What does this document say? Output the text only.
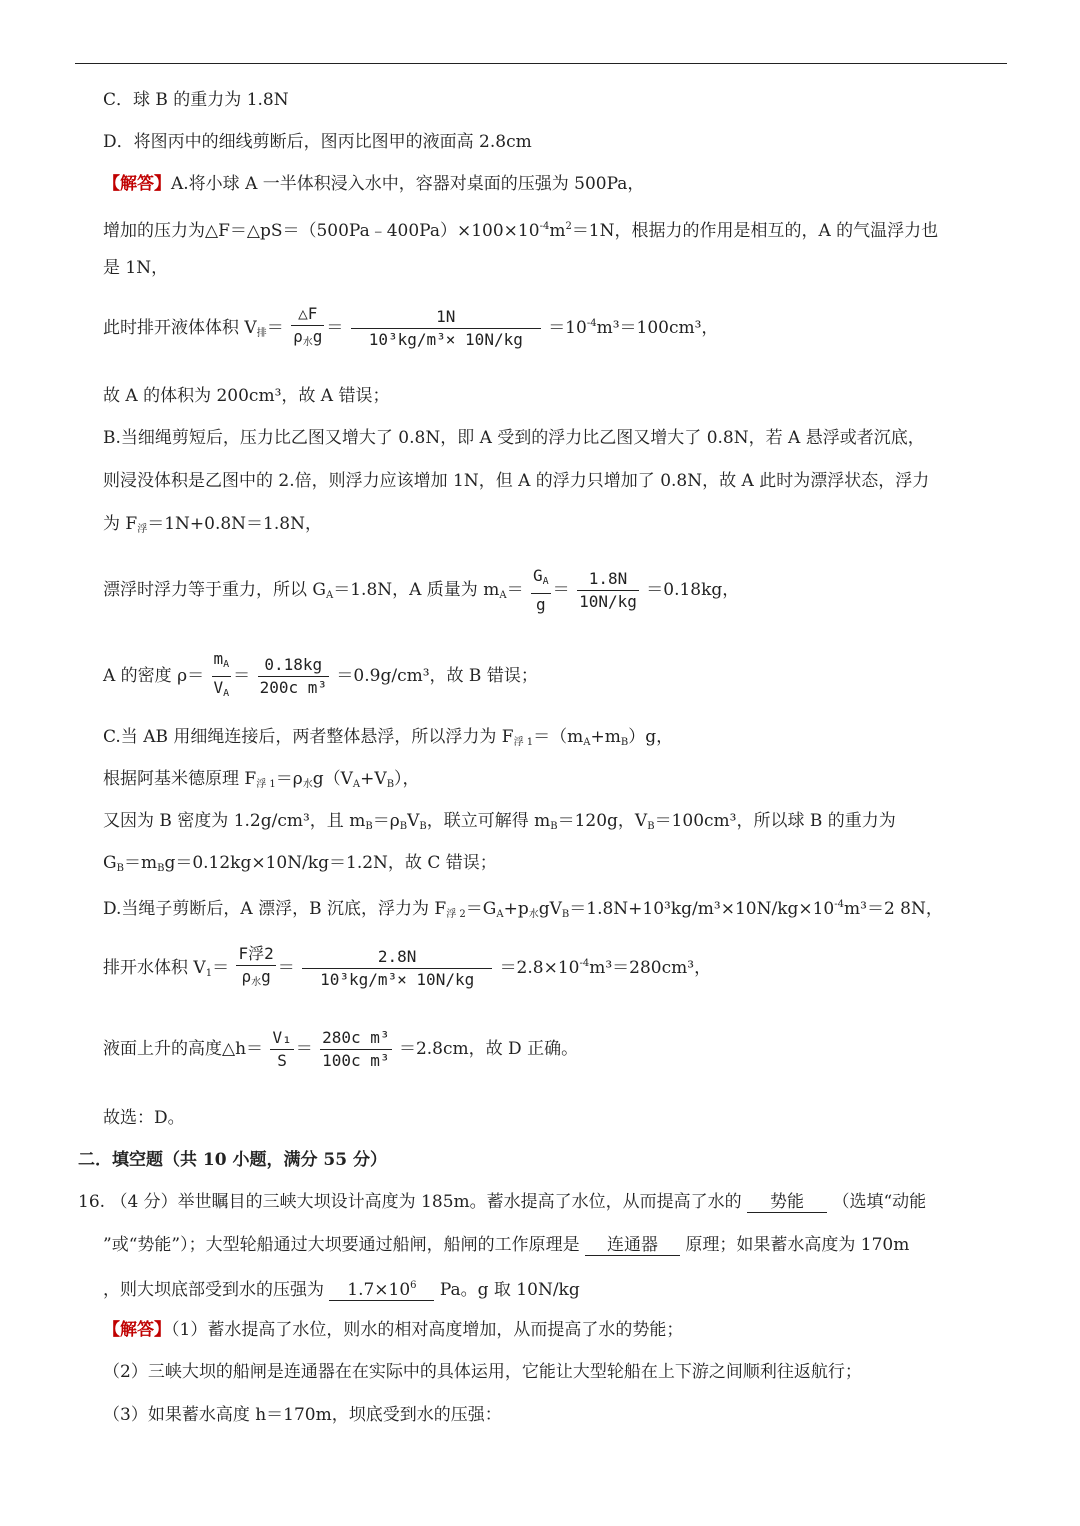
C．球 B 的重力为 1.8N
D．将图丙中的细线剪断后，图丙比图甲的液面高 2.8cm
【解答】A.将小球 A 一半体积浸入水中，容器对桌面的压强为 500Pa，
增加的压力为$\triangle F=\triangle pS=(500Pa﹣400Pa)\times 100\times 10^{-4}m^2=1N$，根据力的作用是相互的，A 的气温浮力也
是 1N，
此时排开液体体积 $V_排= \frac{\triangle F}{\rho_水g} = \frac{1N}{\text{10³kg/m³× 10N/kg}} =10^{-4}m^3=100cm^3$，
故 A 的体积为 200cm³，故 A 错误；
B.当细绳剪短后，压力比乙图又增大了 0.8N，即 A 受到的浮力比乙图又增大了 0.8N，若 A 悬浮或者沉底，
则浸没体积是乙图中的 2.倍，则浮力应该增加 1N，但 A 的浮力只增加了 0.8N，故 A 此时为漂浮状态，浮力
为 $F_浮=1N+0.8N=1.8N$，
漂浮时浮力等于重力，所以 $G_A=1.8N$，A 质量为 $m_A= \frac{G_A}{g} = \frac{1.8N}{10N/kg} =0.18kg$，
A 的密度 $\rho= \frac{m_A}{V_A} = \frac{0.18kg}{\text{200c m³}} =0.9g/cm^3$，故 B 错误；
C.当 AB 用细绳连接后，两者整体悬浮，所以浮力为 $F_{浮 1}=(m_A+m_B)g$，
根据阿基米德原理 $F_{浮 1}=\rho_水g(V_A+V_B)$，
又因为 B 密度为 1.2g/cm³，且 $m_B=\rho_BV_B$，联立可解得 $m_B=120g$，$V_B=100cm^3$，所以球 B 的重力为
$G_B=m_Bg=0.12kg\times 10N/kg=1.2N$，故 C 错误；
D.当绳子剪断后，A 漂浮，B 沉底，浮力为 $F_{浮 2}=G_A+p_水gV_B=1.8N+10^3kg/m^3\times 10N/kg\times 10^{-4}m^3=2$ 8N，
排开水体积 $V_1= \frac{\text{F浮2}}{\rho_水g} = \frac{2.8N}{\text{10³kg/m³× 10N/kg}} =2.8\times 10^{-4}m^3=280cm^3$，
液面上升的高度△h＝ $\frac{\text{V₁}}{S} = \frac{\text{280c m³}}{\text{100c m³}} =2.8cm$，故 D 正确。
故选：D。
二．填空题（共 10 小题，满分 55 分）
16. （4 分）举世瞩目的三峡大坝设计高度为 185m。蓄水提高了水位，从而提高了水的 势能 （选填“动能
”或“势能”）；大型轮船通过大坝要通过船闸，船闸的工作原理是 连通器 原理；如果蓄水高度为 170m
，则大坝底部受到水的压强为 $1.7\times 10^6$ Pa。g 取 10N/kg
【解答】（1）蓄水提高了水位，则水的相对高度增加，从而提高了水的势能；
（2）三峡大坝的船闸是连通器在在实际中的具体运用，它能让大型轮船在上下游之间顺利往返航行；
（3）如果蓄水高度 h＝170m，坝底受到水的压强：
